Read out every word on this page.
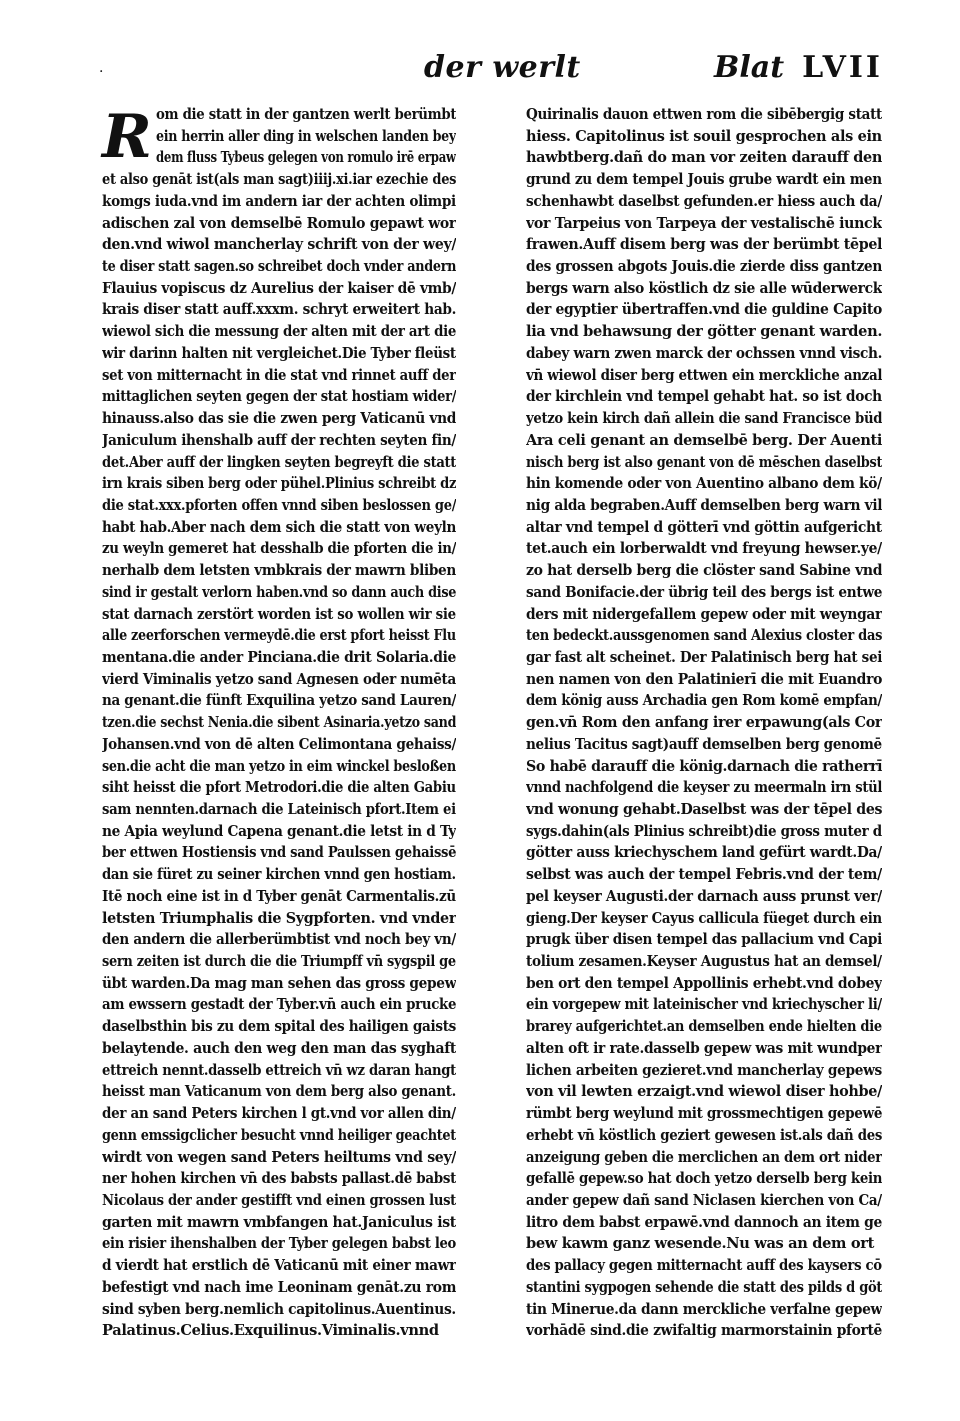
·	der werlt	Blat LVII
R om die statt in der gantzen werlt berümbt
ein herrin aller ding in welschen landen bey
dem fluss Tybeus gelegen von romulo irē erpaw
et also genāt ist(als man sagt)iiij.xi.iar ezechie des
komgs iuda.vnd im andern iar der achten olimpi
adischen zal von demselbē Romulo gepawt wor
den.vnd wiwol mancherlay schrift von der wey/
te diser statt sagen.so schreibet doch vnder andern
Flauius vopiscus dz Aurelius der kaiser dē vmb/
krais diser statt auff.xxxm. schryt erweitert hab.
wiewol sich die messung der alten mit der art die
wir darinn halten nit vergleichet.Die Tyber fleüst
set von mitternacht in die stat vnd rinnet auff der
mittaglichen seyten gegen der stat hostiam wider/
hinauss.also das sie die zwen perg Vaticanū vnd
Janiculum ihenshalb auff der rechten seyten fin/
det.Aber auff der lingken seyten begreyft die statt
irn krais siben berg oder pühel.Plinius schreibt dz
die stat.xxx.pforten offen vnnd siben beslossen ge/
habt hab.Aber nach dem sich die statt von weyln
zu weyln gemeret hat desshalb die pforten die in/
nerhalb dem letsten vmbkrais der mawrn bliben
sind ir gestalt verlorn haben.vnd so dann auch dise
stat darnach zerstört worden ist so wollen wir sie
alle zeerforschen vermeydē.die erst pfort heisst Flu
mentana.die ander Pinciana.die drit Solaria.die
vierd Viminalis yetzo sand Agnesen oder numēta
na genant.die fünft Exquilina yetzo sand Lauren/
tzen.die sechst Nenia.die sibent Asinaria.yetzo sand
Johansen.vnd von dē alten Celimontana gehaiss/
sen.die acht die man yetzo in eim winckel besloßen
siht heisst die pfort Metrodori.die die alten Gabiu
sam nennten.darnach die Lateinisch pfort.Item ei
ne Apia weylund Capena genant.die letst in d Ty
ber ettwen Hostiensis vnd sand Paulssen gehaissē
dan sie füret zu seiner kirchen vnnd gen hostiam.
Itē noch eine ist in d Tyber genāt Carmentalis.zū
letsten Triumphalis die Sygpforten. vnd vnder
den andern die allerberümbtist vnd noch bey vn/
sern zeiten ist durch die die Triumpff vn̄ sygspil ge
übt warden.Da mag man sehen das gross gepew
am ewssern gestadt der Tyber.vn̄ auch ein prucke
daselbsthin bis zu dem spital des hailigen gaists
belaytende. auch den weg den man das syghaft
ettreich nennt.dasselb ettreich vn̄ wz daran hangt
heisst man Vaticanum von dem berg also genant.
der an sand Peters kirchen l gt.vnd vor allen din/
genn emssigclicher besucht vnnd heiliger geachtet
wirdt von wegen sand Peters heiltums vnd sey/
ner hohen kirchen vn̄ des babsts pallast.dē babst
Nicolaus der ander gestifft vnd einen grossen lust
garten mit mawrn vmbfangen hat.Janiculus ist
ein risier ihenshalben der Tyber gelegen babst leo
d vierdt hat erstlich dē Vaticanū mit einer mawr
befestigt vnd nach ime Leoninam genāt.zu rom
sind syben berg.nemlich capitolinus.Auentinus.
Palatinus.Celius.Exquilinus.Viminalis.vnnd
Quirinalis dauon ettwen rom die sibēbergig statt
hiess. Capitolinus ist souil gesprochen als ein
hawbtberg.dañ do man vor zeiten darauff den
grund zu dem tempel Jouis grube wardt ein men
schenhawbt daselbst gefunden.er hiess auch da/
vor Tarpeius von Tarpeya der vestalischē iunck
frawen.Auff disem berg was der berümbt tēpel
des grossen abgots Jouis.die zierde diss gantzen
bergs warn also köstlich dz sie alle wūderwerck
der egyptier übertraffen.vnd die guldine Capito
lia vnd behawsung der götter genant warden.
dabey warn zwen marck der ochssen vnnd visch.
vn̄ wiewol diser berg ettwen ein merckliche anzal
der kirchlein vnd tempel gehabt hat. so ist doch
yetzo kein kirch dañ allein die sand Francisce büd
Ara celi genant an demselbē berg. Der Auenti
nisch berg ist also genant von dē mēschen daselbst
hin komende oder von Auentino albano dem kö/
nig alda begraben.Auff demselben berg warn vil
altar vnd tempel d götterī vnd göttin aufgericht
tet.auch ein lorberwaldt vnd freyung hewser.ye/
zo hat derselb berg die clöster sand Sabine vnd
sand Bonifacie.der übrig teil des bergs ist entwe
ders mit nidergefallem gepew oder mit weyngar
ten bedeckt.aussgenomen sand Alexius closter das
gar fast alt scheinet. Der Palatinisch berg hat sei
nen namen von den Palatinierī die mit Euandro
dem könig auss Archadia gen Rom komē empfan/
gen.vn̄ Rom den anfang irer erpawung(als Cor
nelius Tacitus sagt)auff demselben berg genomē
So habē darauff die könig.darnach die ratherrī
vnnd nachfolgend die keyser zu meermaln irn stül
vnd wonung gehabt.Daselbst was der tēpel des
sygs.dahin(als Plinius schreibt)die gross muter d
götter auss kriechyschem land gefürt wardt.Da/
selbst was auch der tempel Febris.vnd der tem/
pel keyser Augusti.der darnach auss prunst ver/
gieng.Der keyser Cayus callicula füeget durch ein
prugk über disen tempel das pallacium vnd Capi
tolium zesamen.Keyser Augustus hat an demsel/
ben ort den tempel Appollinis erhebt.vnd dobey
ein vorgepew mit lateinischer vnd kriechyscher li/
brarey aufgerichtet.an demselben ende hielten die
alten oft ir rate.dasselb gepew was mit wundper
lichen arbeiten gezieret.vnd mancherlay gepews
von vil lewten erzaigt.vnd wiewol diser hohbe/
rümbt berg weylund mit grossmechtigen gepewē
erhebt vn̄ köstlich geziert gewesen ist.als dañ des
anzeigung geben die merclichen an dem ort nider
gefallē gepew.so hat doch yetzo derselb berg kein
ander gepew dañ sand Niclasen kierchen von Ca/
litro dem babst erpawē.vnd dannoch an item ge
bew kawm ganz wesende.Nu was an dem ort
des pallacy gegen mitternacht auff des kaysers cō
stantini sygpogen sehende die statt des pilds d göt
tin Minerue.da dann merckliche verfalne gepew
vorhādē sind.die zwifaltig marmorstainin pfortē
